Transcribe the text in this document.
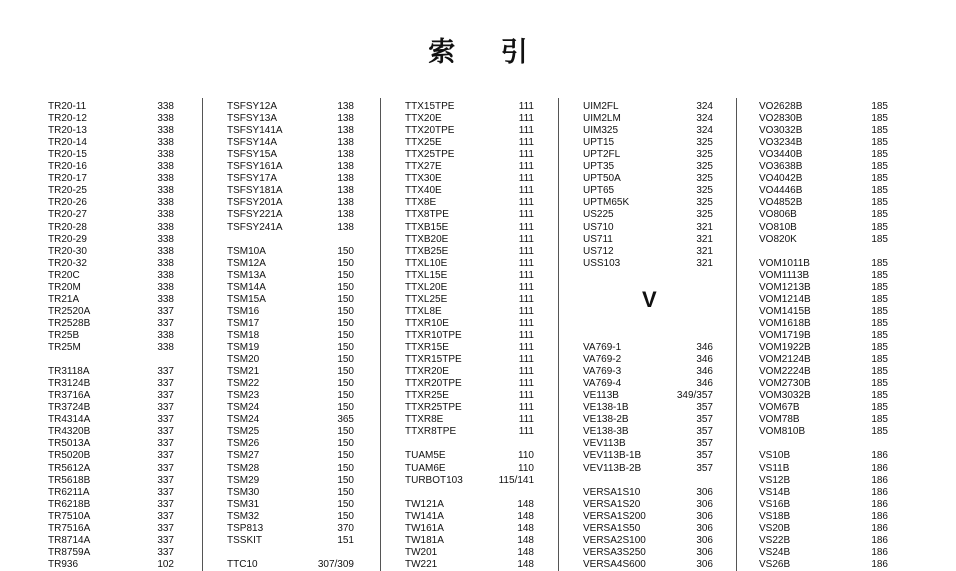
索 引
TR20-11	338
TR20-12	338
TR20-13	338
TR20-14	338
TR20-15	338
TR20-16	338
TR20-17	338
TR20-25	338
TR20-26	338
TR20-27	338
TR20-28	338
TR20-29	338
TR20-30	338
TR20-32	338
TR20C	338
TR20M	338
TR21A	338
TR2520A	337
TR2528B	337
TR25B	338
TR25M	338
TR3118A	337
TR3124B	337
TR3716A	337
TR3724B	337
TR4314A	337
TR4320B	337
TR5013A	337
TR5020B	337
TR5612A	337
TR5618B	337
TR6211A	337
TR6218B	337
TR7510A	337
TR7516A	337
TR8714A	337
TR8759A	337
TR936	102
TSFSY12A	138
TSFSY13A	138
TSFSY141A	138
TSFSY14A	138
TSFSY15A	138
TSFSY161A	138
TSFSY17A	138
TSFSY181A	138
TSFSY201A	138
TSFSY221A	138
TSFSY241A	138
TSM10A	150
TSM12A	150
TSM13A	150
TSM14A	150
TSM15A	150
TSM16	150
TSM17	150
TSM18	150
TSM19	150
TSM20	150
TSM21	150
TSM22	150
TSM23	150
TSM24	150
TSM24	365
TSM25	150
TSM26	150
TSM27	150
TSM28	150
TSM29	150
TSM30	150
TSM31	150
TSM32	150
TSP813	370
TSSKIT	151
TTC10	307/309
TTX15TPE	111
TTX20E	111
TTX20TPE	111
TTX25E	111
TTX25TPE	111
TTX27E	111
TTX30E	111
TTX40E	111
TTX8E	111
TTX8TPE	111
TTXB15E	111
TTXB20E	111
TTXB25E	111
TTXL10E	111
TTXL15E	111
TTXL20E	111
TTXL25E	111
TTXL8E	111
TTXR10E	111
TTXR10TPE	111
TTXR15E	111
TTXR15TPE	111
TTXR20E	111
TTXR20TPE	111
TTXR25E	111
TTXR25TPE	111
TTXR8E	111
TTXR8TPE	111
TUAM5E	110
TUAM6E	110
TURBOT103	115/141
TW121A	148
TW141A	148
TW161A	148
TW181A	148
TW201	148
TW221	148
UIM2FL	324
UIM2LM	324
UIM325	324
UPT15	325
UPT2FL	325
UPT35	325
UPT50A	325
UPT65	325
UPTM65K	325
US225	325
US710	321
US711	321
US712	321
USS103	321
VA769-1	346
VA769-2	346
VA769-3	346
VA769-4	346
VE113B	349/357
VE138-1B	357
VE138-2B	357
VE138-3B	357
VEV113B	357
VEV113B-1B	357
VEV113B-2B	357
VERSA1S10	306
VERSA1S20	306
VERSA1S200	306
VERSA1S50	306
VERSA2S100	306
VERSA3S250	306
VERSA4S600	306
V
VO2628B	185
VO2830B	185
VO3032B	185
VO3234B	185
VO3440B	185
VO3638B	185
VO4042B	185
VO4446B	185
VO4852B	185
VO806B	185
VO810B	185
VO820K	185
VOM1011B	185
VOM1113B	185
VOM1213B	185
VOM1214B	185
VOM1415B	185
VOM1618B	185
VOM1719B	185
VOM1922B	185
VOM2124B	185
VOM2224B	185
VOM2730B	185
VOM3032B	185
VOM67B	185
VOM78B	185
VOM810B	185
VS10B	186
VS11B	186
VS12B	186
VS14B	186
VS16B	186
VS18B	186
VS20B	186
VS22B	186
VS24B	186
VS26B	186
